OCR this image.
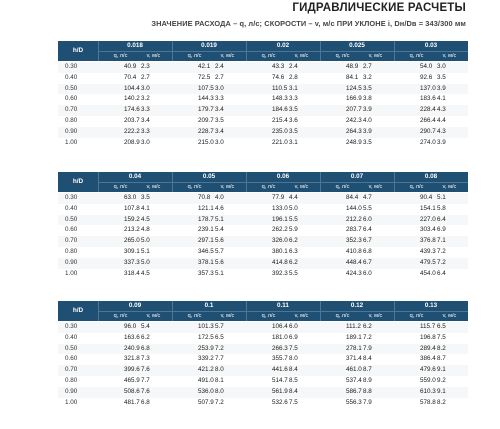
ГИДРАВЛИЧЕСКИЕ РАСЧЕТЫ
ЗНАЧЕНИЕ РАСХОДА – q, л/с; СКОРОСТИ – v, м/с ПРИ УКЛОНЕ i, Dн/Dв = 343/300 мм
h/D
0.018
q, л/с	v, м/с
0.019
q, л/с	v, м/с
0.02
q, л/с	v, м/с
0.025
q, л/с	v, м/с
0.03
q, л/с	v, м/с
0.30	40.9	2.3	42.1	2.4	43.3	2.4	48.9	2.7	54.0	3.0
0.40	70.4	2.7	72.5	2.7	74.6	2.8	84.1	3.2	92.6	3.5
0.50	104.4	3.0	107.5	3.0	110.5	3.1	124.5	3.5	137.0	3.9
0.60	140.2	3.2	144.3	3.3	148.3	3.3	166.9	3.8	183.6	4.1
0.70	174.6	3.3	179.7	3.4	184.6	3.5	207.7	3.9	228.4	4.3
0.80	203.7	3.4	209.7	3.5	215.4	3.6	242.3	4.0	266.4	4.4
0.90	222.2	3.3	228.7	3.4	235.0	3.5	264.3	3.9	290.7	4.3
1.00	208.9	3.0	215.0	3.0	221.0	3.1	248.9	3.5	274.0	3.9
h/D
0.04
q, л/с	v, м/с
0.05
q, л/с	v, м/с
0.06
q, л/с	v, м/с
0.07
q, л/с	v, м/с
0.08
q, л/с	v, м/с
0.30	63.0	3.5	70.8	4.0	77.9	4.4	84.4	4.7	90.4	5.1
0.40	107.8	4.1	121.1	4.6	133.0	5.0	144.0	5.5	154.1	5.8
0.50	159.2	4.5	178.7	5.1	196.1	5.5	212.2	6.0	227.0	6.4
0.60	213.2	4.8	239.1	5.4	262.2	5.9	283.7	6.4	303.4	6.9
0.70	265.0	5.0	297.1	5.6	326.0	6.2	352.3	6.7	376.8	7.1
0.80	309.1	5.1	346.5	5.7	380.1	6.3	410.8	6.8	439.3	7.2
0.90	337.3	5.0	378.1	5.6	414.8	6.2	448.4	6.7	479.5	7.2
1.00	318.4	4.5	357.3	5.1	392.3	5.5	424.3	6.0	454.0	6.4
h/D
0.09
q, л/с	v, м/с
0.1
q, л/с	v, м/с
0.11
q, л/с	v, м/с
0.12
q, л/с	v, м/с
0.13
q, л/с	v, м/с
0.30	96.0	5.4	101.3	5.7	106.4	6.0	111.2	6.2	115.7	6.5
0.40	163.6	6.2	172.5	6.5	181.0	6.9	189.1	7.2	196.8	7.5
0.50	240.9	6.8	253.9	7.2	266.3	7.5	278.1	7.9	289.4	8.2
0.60	321.8	7.3	339.2	7.7	355.7	8.0	371.4	8.4	386.4	8.7
0.70	399.6	7.6	421.2	8.0	441.6	8.4	461.0	8.7	479.6	9.1
0.80	465.9	7.7	491.0	8.1	514.7	8.5	537.4	8.9	559.0	9.2
0.90	508.6	7.6	536.0	8.0	561.9	8.4	586.7	8.8	610.3	9.1
1.00	481.7	6.8	507.9	7.2	532.6	7.5	556.3	7.9	578.8	8.2
